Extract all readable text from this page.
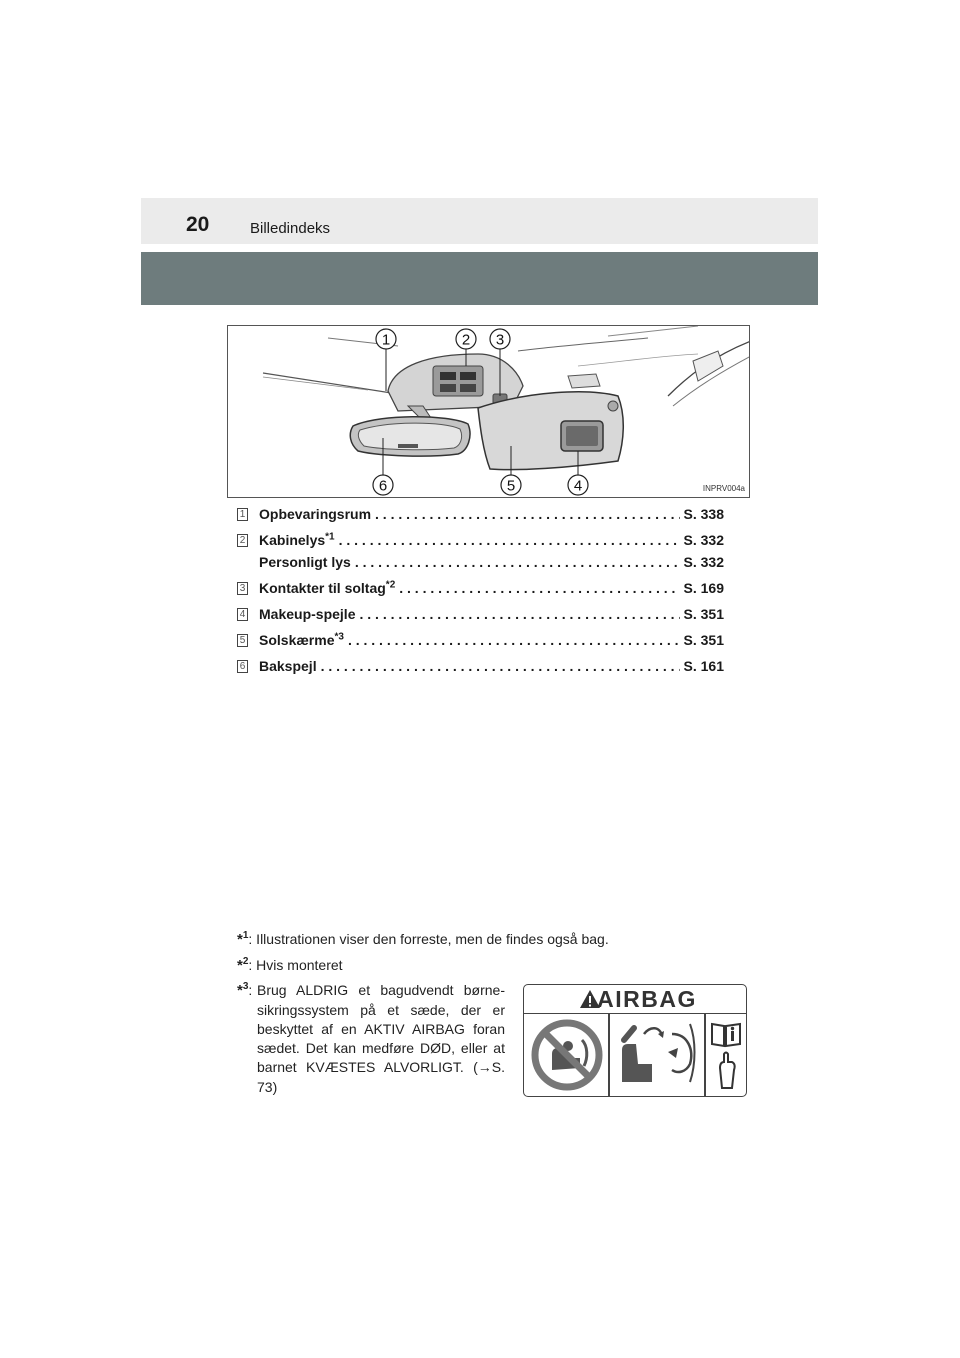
20	Billedindeks
1	2 3
4
5
6	INPRV004a
1 Opbevaringsrum . . .	S. 338
2 Kabinelys$^{*1}$ . . .	S. 332
Personligt lys . . .	S. 332
3 Kontakter til soltag$^{*2}$ . . .	S. 169
4 Makeup-spejle . . .	S. 351
5 Solskærme$^{*3}$ . . .	S. 351
6 Bakspejl . . .	S. 161
*$^1$: Illustrationen viser den forreste, men de findes også bag.
*$^2$: Hvis monteret
*$^3$: Brug ALDRIG et bagudvendt børne-sikringssystem på et sæde, der er beskyttet af en AKTIV AIRBAG foran sædet. Det kan medføre DØD, eller at barnet KVÆSTES ALVORLIGT. (→S. 73)
AIRBAG
